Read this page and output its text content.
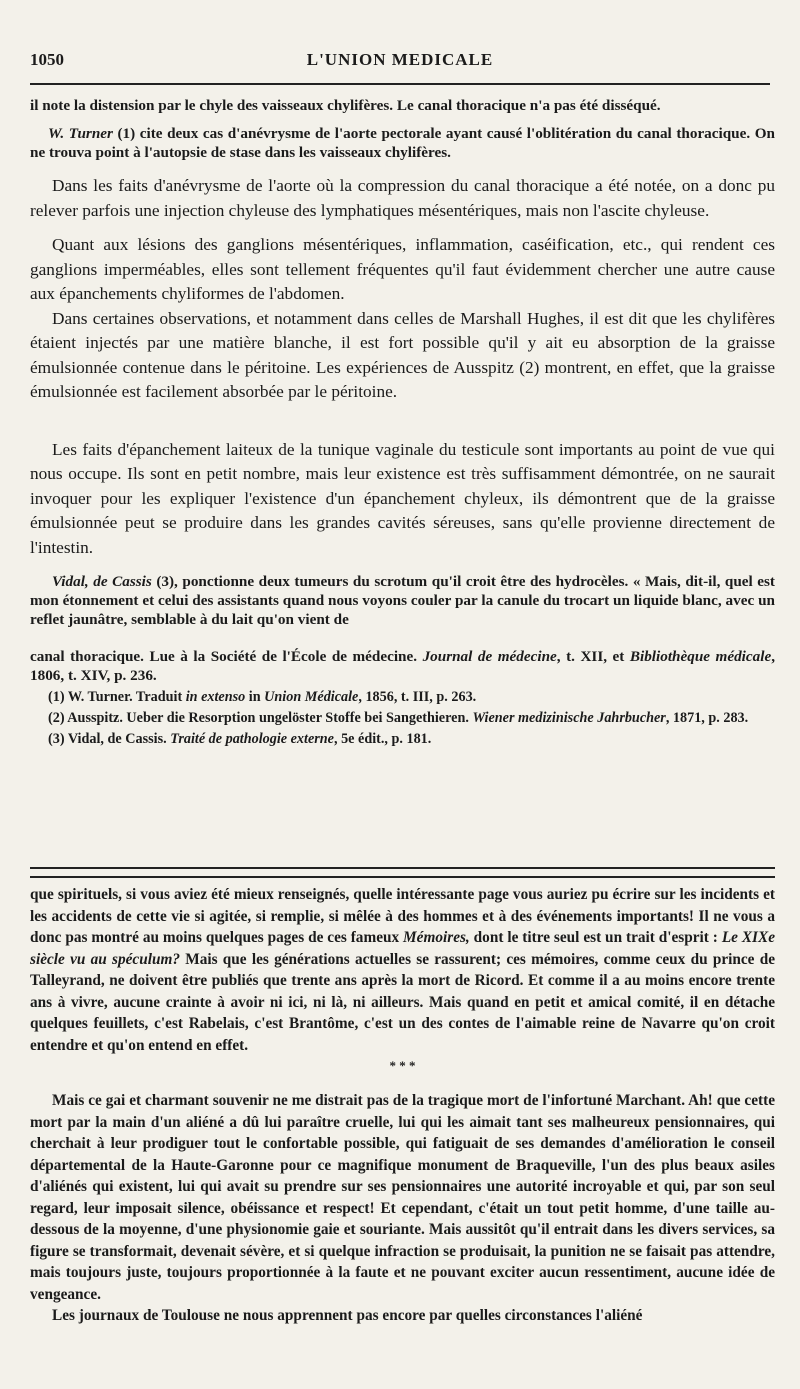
1050	L'UNION MEDICALE

il note la distension par le chyle des vaisseaux chylifères. Le canal thoracique n'a pas été disséqué.

W. Turner (1) cite deux cas d'anévrysme de l'aorte pectorale ayant causé l'oblitération du canal thoracique. On ne trouva point à l'autopsie de stase dans les vaisseaux chylifères.

Dans les faits d'anévrysme de l'aorte où la compression du canal thoracique a été notée, on a donc pu relever parfois une injection chyleuse des lymphatiques mésentériques, mais non l'ascite chyleuse.

Quant aux lésions des ganglions mésentériques, inflammation, caséification, etc., qui rendent ces ganglions imperméables, elles sont tellement fréquentes qu'il faut évidemment chercher une autre cause aux épanchements chyliformes de l'abdomen.

Dans certaines observations, et notamment dans celles de Marshall Hughes, il est dit que les chylifères étaient injectés par une matière blanche, il est fort possible qu'il y ait eu absorption de la graisse émulsionnée contenue dans le péritoine. Les expériences de Ausspitz (2) montrent, en effet, que la graisse émulsionnée est facilement absorbée par le péritoine.

Les faits d'épanchement laiteux de la tunique vaginale du testicule sont importants au point de vue qui nous occupe. Ils sont en petit nombre, mais leur existence est très suffisamment démontrée, on ne saurait invoquer pour les expliquer l'existence d'un épanchement chyleux, ils démontrent que de la graisse émulsionnée peut se produire dans les grandes cavités séreuses, sans qu'elle provienne directement de l'intestin.

Vidal, de Cassis (3), ponctionne deux tumeurs du scrotum qu'il croit être des hydrocèles. « Mais, dit-il, quel est mon étonnement et celui des assistants quand nous voyons couler par la canule du trocart un liquide blanc, avec un reflet jaunâtre, semblable à du lait qu'on vient de

canal thoracique. Lue à la Société de l'École de médecine. Journal de médecine, t. XII, et Bibliothèque médicale, 1806, t. XIV, p. 236.

(1) W. Turner. Traduit in extenso in Union Médicale, 1856, t. III, p. 263.

(2) Ausspitz. Ueber die Resorption ungelöster Stoffe bei Sangethieren. Wiener medizinische Jahrbucher, 1871, p. 283.

(3) Vidal, de Cassis. Traité de pathologie externe, 5e édit., p. 181.

que spirituels, si vous aviez été mieux renseignés, quelle intéressante page vous auriez pu écrire sur les incidents et les accidents de cette vie si agitée, si remplie, si mêlée à des hommes et à des événements importants! Il ne vous a donc pas montré au moins quelques pages de ces fameux Mémoires, dont le titre seul est un trait d'esprit : Le XIXe siècle vu au spéculum? Mais que les générations actuelles se rassurent; ces mémoires, comme ceux du prince de Talleyrand, ne doivent être publiés que trente ans après la mort de Ricord. Et comme il a au moins encore trente ans à vivre, aucune crainte à avoir ni ici, ni là, ni ailleurs. Mais quand en petit et amical comité, il en détache quelques feuillets, c'est Rabelais, c'est Brantôme, c'est un des contes de l'aimable reine de Navarre qu'on croit entendre et qu'on entend en effet.

* * *

Mais ce gai et charmant souvenir ne me distrait pas de la tragique mort de l'infortuné Marchant. Ah! que cette mort par la main d'un aliéné a dû lui paraître cruelle, lui qui les aimait tant ses malheureux pensionnaires, qui cherchait à leur prodiguer tout le confortable possible, qui fatiguait de ses demandes d'amélioration le conseil départemental de la Haute-Garonne pour ce magnifique monument de Braqueville, l'un des plus beaux asiles d'aliénés qui existent, lui qui avait su prendre sur ses pensionnaires une autorité incroyable et qui, par son seul regard, leur imposait silence, obéissance et respect! Et cependant, c'était un tout petit homme, d'une taille au-dessous de la moyenne, d'une physionomie gaie et souriante. Mais aussitôt qu'il entrait dans les divers services, sa figure se transformait, devenait sévère, et si quelque infraction se produisait, la punition ne se faisait pas attendre, mais toujours juste, toujours proportionnée à la faute et ne pouvant exciter aucun ressentiment, aucune idée de vengeance.

Les journaux de Toulouse ne nous apprennent pas encore par quelles circonstances l'aliéné
